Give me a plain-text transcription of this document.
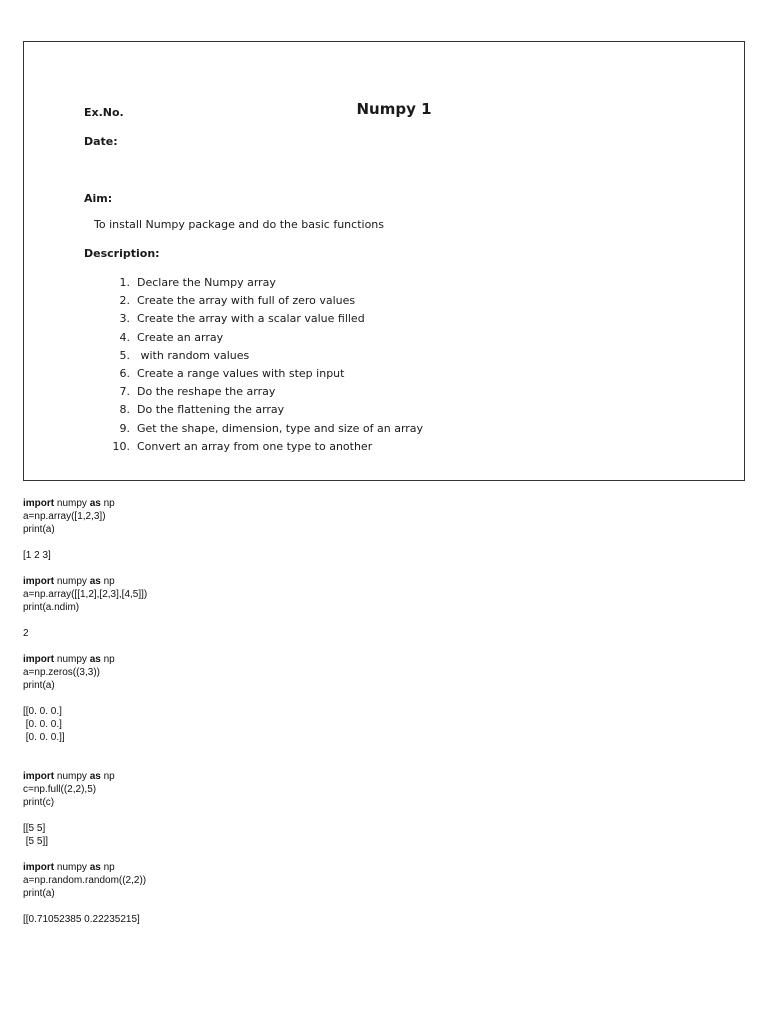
Ex.No.	Numpy 1
Date:
Aim:
To install Numpy package and do the basic functions
Description:
1. Declare the Numpy array
2. Create the array with full of zero values
3. Create the array with a scalar value filled
4. Create an array
5. with random values
6. Create a range values with step input
7. Do the reshape the array
8. Do the flattening the array
9. Get the shape, dimension, type and size of an array
10. Convert an array from one type to another
import numpy as np
a=np.array([1,2,3])
print(a)
[1 2 3]
import numpy as np
a=np.array([[1,2],[2,3],[4,5]])
print(a.ndim)
2
import numpy as np
a=np.zeros((3,3))
print(a)
[[0. 0. 0.]
[0. 0. 0.]
[0. 0. 0.]]
import numpy as np
c=np.full((2,2),5)
print(c)
[[5 5]
[5 5]]
import numpy as np
a=np.random.random((2,2))
print(a)
[[0.71052385 0.22235215]
